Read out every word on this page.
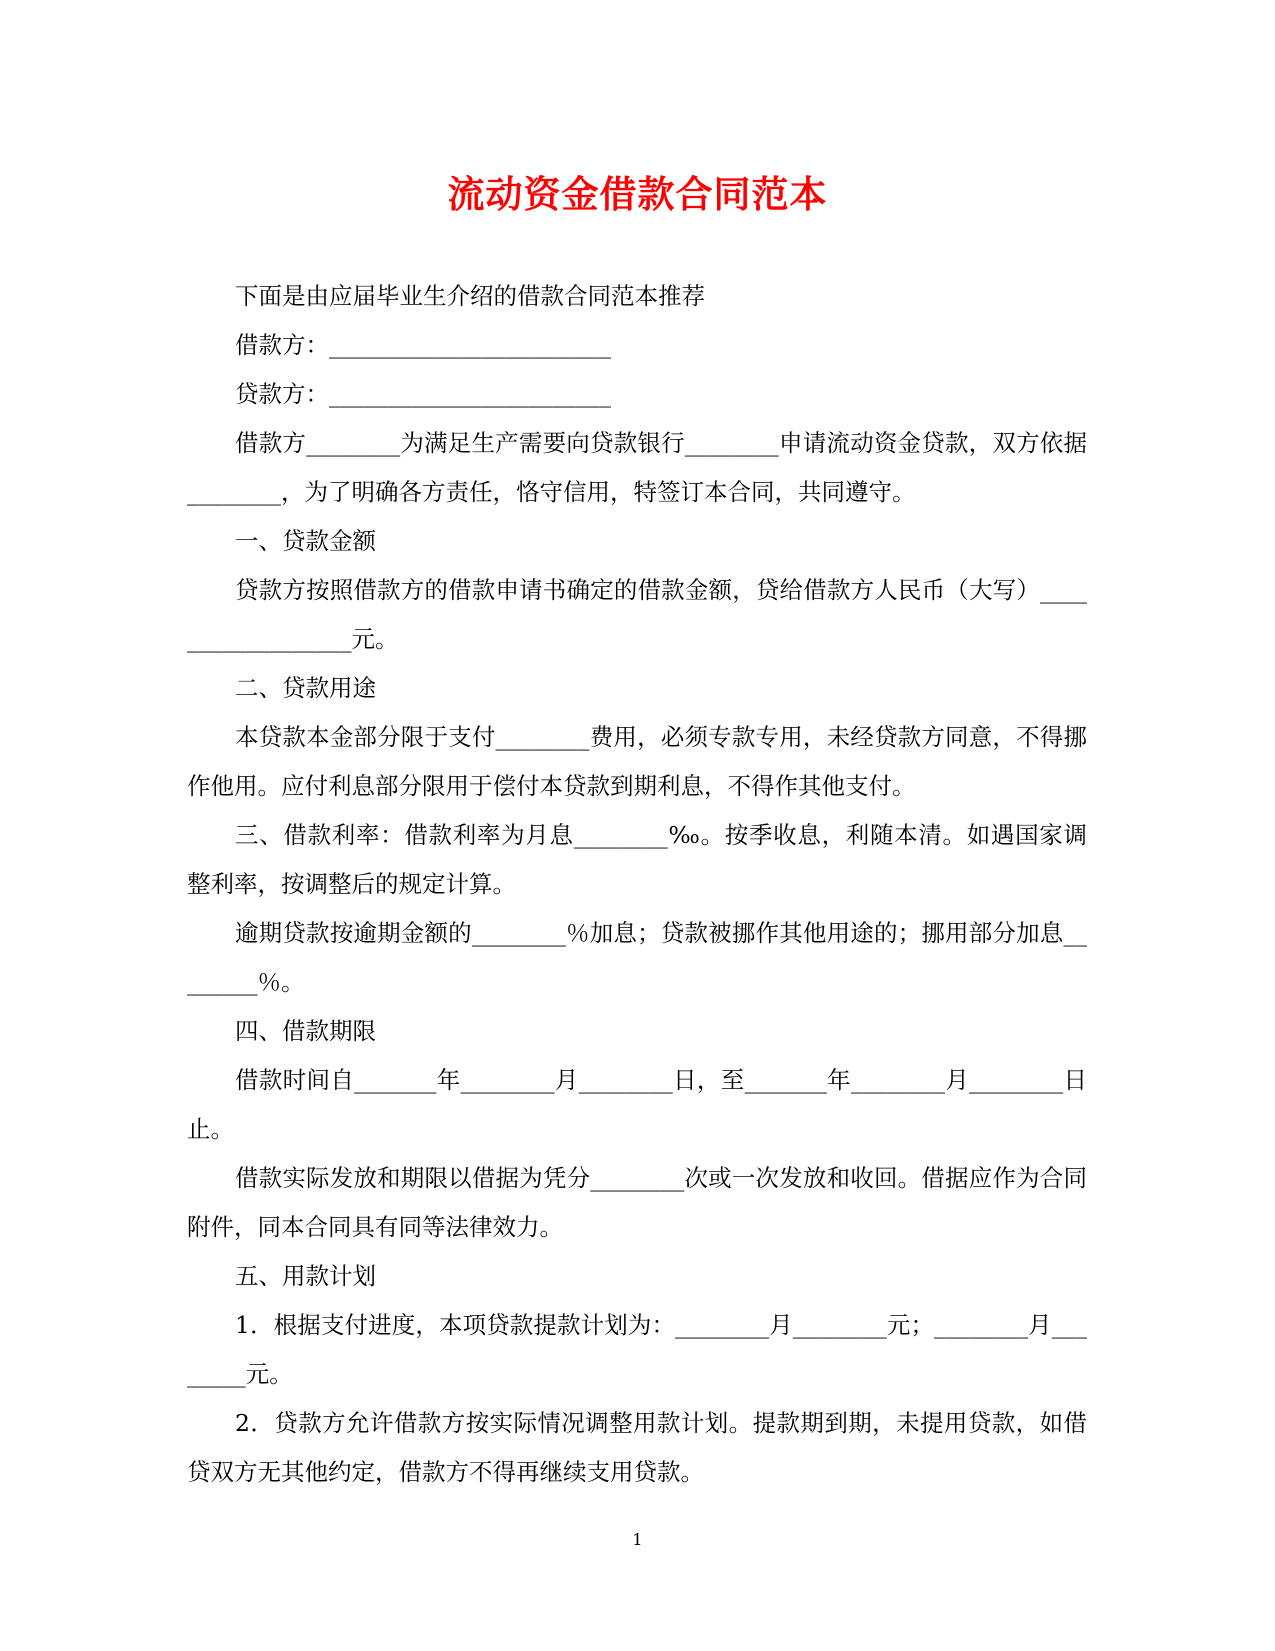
流动资金借款合同范本

下面是由应届毕业生介绍的借款合同范本推荐

借款方：________________________

贷款方：________________________

借款方________为满足生产需要向贷款银行________申请流动资金贷款，双方依据________，为了明确各方责任，恪守信用，特签订本合同，共同遵守。

一、贷款金额

贷款方按照借款方的借款申请书确定的借款金额，贷给借款方人民币（大写）__________________元。

二、贷款用途

本贷款本金部分限于支付________费用，必须专款专用，未经贷款方同意，不得挪作他用。应付利息部分限用于偿付本贷款到期利息，不得作其他支付。

三、借款利率：借款利率为月息________‰。按季收息，利随本清。如遇国家调整利率，按调整后的规定计算。

逾期贷款按逾期金额的________％加息；贷款被挪作其他用途的；挪用部分加息________％。

四、借款期限

借款时间自_______年________月________日，至_______年________月________日止。

借款实际发放和期限以借据为凭分________次或一次发放和收回。借据应作为合同附件，同本合同具有同等法律效力。

五、用款计划

1．根据支付进度，本项贷款提款计划为：________月________元；________月________元。

2．贷款方允许借款方按实际情况调整用款计划。提款期到期，未提用贷款，如借贷双方无其他约定，借款方不得再继续支用贷款。

1
